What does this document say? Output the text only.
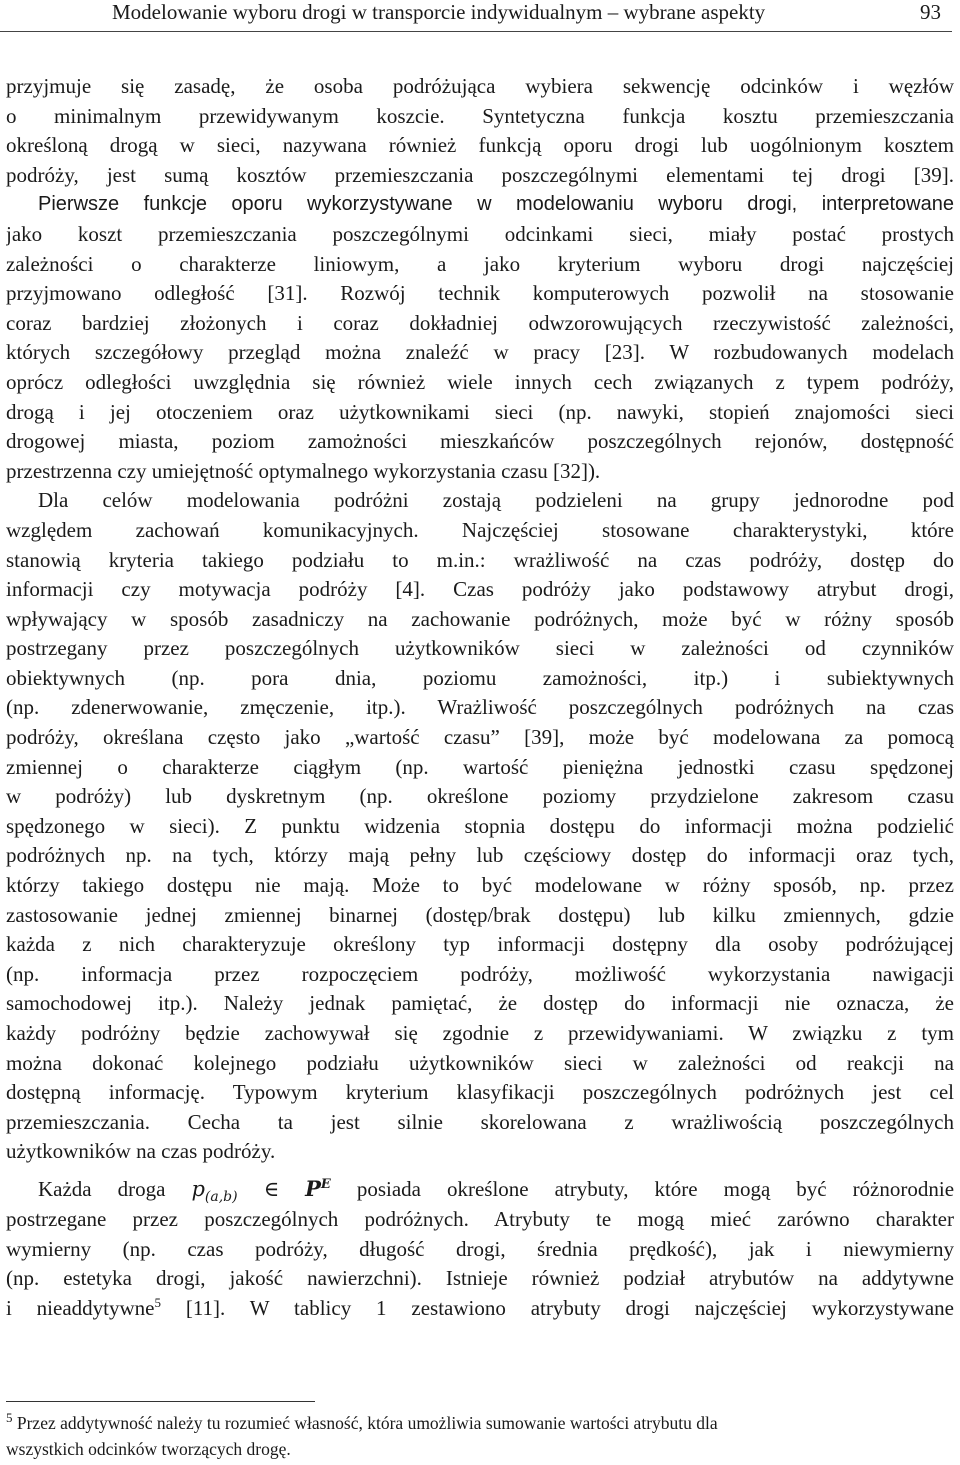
Modelowanie wyboru drogi w transporcie indywidualnym – wybrane aspekty	93
przyjmuje się zasadę, że osoba podróżująca wybiera sekwencję odcinków i węzłów
o minimalnym przewidywanym koszcie. Syntetyczna funkcja kosztu przemieszczania
określoną drogą w sieci, nazywana również funkcją oporu drogi lub uogólnionym kosztem
podróży, jest sumą kosztów przemieszczania poszczególnymi elementami tej drogi [39].
Pierwsze funkcje oporu wykorzystywane w modelowaniu wyboru drogi, interpretowane
jako koszt przemieszczania poszczególnymi odcinkami sieci, miały postać prostych
zależności o charakterze liniowym, a jako kryterium wyboru drogi najczęściej
przyjmowano odległość [31]. Rozwój technik komputerowych pozwolił na stosowanie
coraz bardziej złożonych i coraz dokładniej odwzorowujących rzeczywistość zależności,
których szczegółowy przegląd można znaleźć w pracy [23]. W rozbudowanych modelach
oprócz odległości uwzględnia się również wiele innych cech związanych z typem podróży,
drogą i jej otoczeniem oraz użytkownikami sieci (np. nawyki, stopień znajomości sieci
drogowej miasta, poziom zamożności mieszkańców poszczególnych rejonów, dostępność
przestrzenna czy umiejętność optymalnego wykorzystania czasu [32]).
Dla celów modelowania podróżni zostają podzieleni na grupy jednorodne pod
względem zachowań komunikacyjnych. Najczęściej stosowane charakterystyki, które
stanowią kryteria takiego podziału to m.in.: wrażliwość na czas podróży, dostęp do
informacji czy motywacja podróży [4]. Czas podróży jako podstawowy atrybut drogi,
wpływający w sposób zasadniczy na zachowanie podróżnych, może być w różny sposób
postrzegany przez poszczególnych użytkowników sieci w zależności od czynników
obiektywnych (np. pora dnia, poziomu zamożności, itp.) i subiektywnych
(np. zdenerwowanie, zmęczenie, itp.). Wrażliwość poszczególnych podróżnych na czas
podróży, określana często jako „wartość czasu” [39], może być modelowana za pomocą
zmiennej o charakterze ciągłym (np. wartość pieniężna jednostki czasu spędzonej
w podróży) lub dyskretnym (np. określone poziomy przydzielone zakresom czasu
spędzonego w sieci). Z punktu widzenia stopnia dostępu do informacji można podzielić
podróżnych np. na tych, którzy mają pełny lub częściowy dostęp do informacji oraz tych,
którzy takiego dostępu nie mają. Może to być modelowane w różny sposób, np. przez
zastosowanie jednej zmiennej binarnej (dostęp/brak dostępu) lub kilku zmiennych, gdzie
każda z nich charakteryzuje określony typ informacji dostępny dla osoby podróżującej
(np. informacja przez rozpoczęciem podróży, możliwość wykorzystania nawigacji
samochodowej itp.). Należy jednak pamiętać, że dostęp do informacji nie oznacza, że
każdy podróżny będzie zachowywał się zgodnie z przewidywaniami. W związku z tym
można dokonać kolejnego podziału użytkowników sieci w zależności od reakcji na
dostępną informację. Typowym kryterium klasyfikacji poszczególnych podróżnych jest cel
przemieszczania. Cecha ta jest silnie skorelowana z wrażliwością poszczególnych
użytkowników na czas podróży.
Każda droga $p_{(a,b)}$ ∈ $P^E$ posiada określone atrybuty, które mogą być różnorodnie
postrzegane przez poszczególnych podróżnych. Atrybuty te mogą mieć zarówno charakter
wymierny (np. czas podróży, długość drogi, średnia prędkość), jak i niewymierny
(np. estetyka drogi, jakość nawierzchni). Istnieje również podział atrybutów na addytywne
i nieaddytywne$^5$ [11]. W tablicy 1 zestawiono atrybuty drogi najczęściej wykorzystywane
$^5$ Przez addytywność należy tu rozumieć własność, która umożliwia sumowanie wartości atrybutu dla
wszystkich odcinków tworzących drogę.
